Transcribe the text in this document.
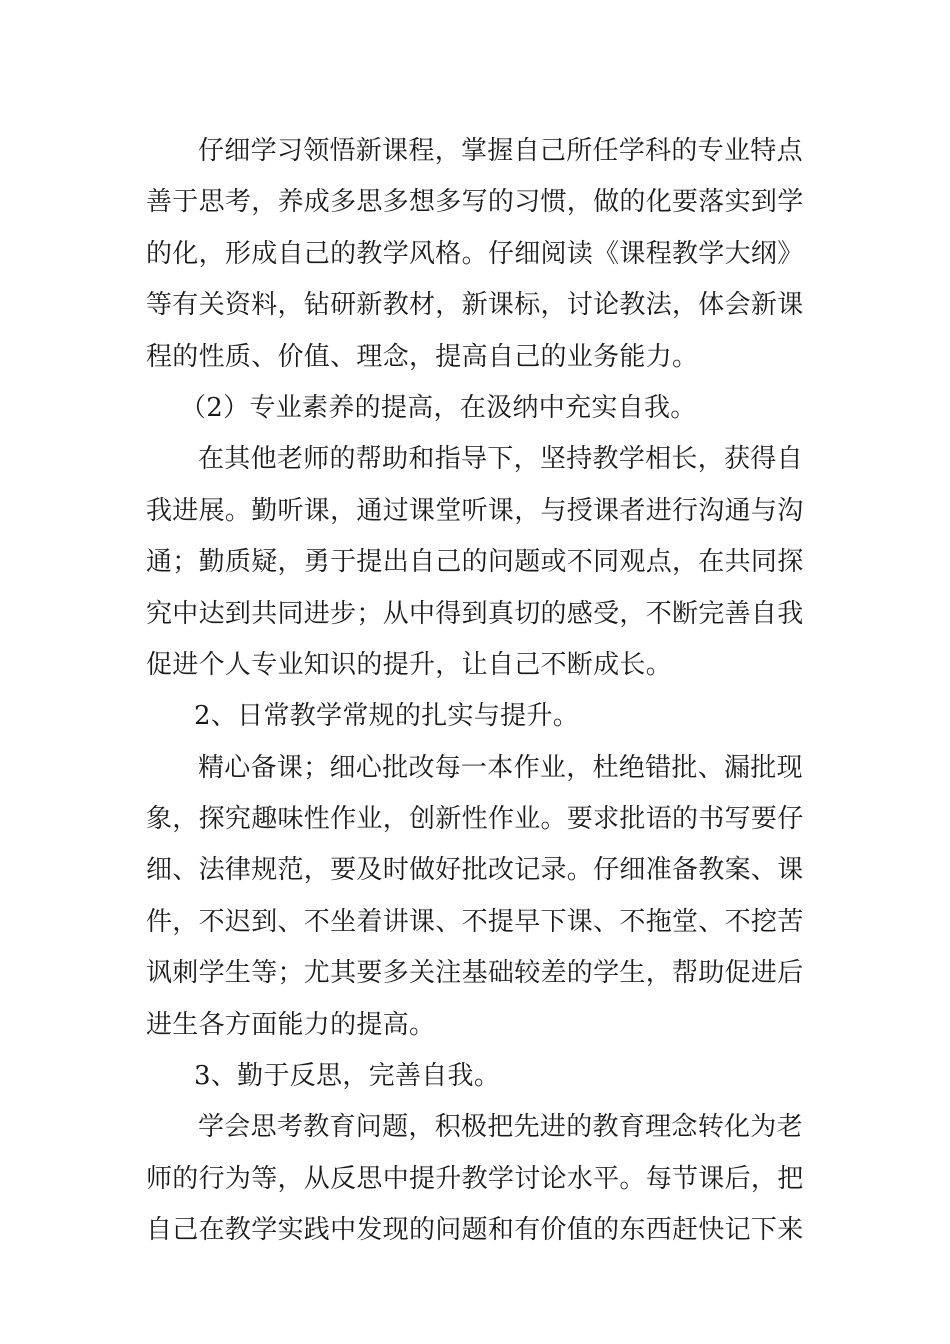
仔细学习领悟新课程，掌握自己所任学科的专业特点
善于思考，养成多思多想多写的习惯，做的化要落实到学
的化，形成自己的教学风格。仔细阅读《课程教学大纲》
等有关资料，钻研新教材，新课标，讨论教法，体会新课
程的性质、价值、理念，提高自己的业务能力。
（2）专业素养的提高，在汲纳中充实自我。
在其他老师的帮助和指导下，坚持教学相长，获得自
我进展。勤听课，通过课堂听课，与授课者进行沟通与沟
通；勤质疑，勇于提出自己的问题或不同观点，在共同探
究中达到共同进步；从中得到真切的感受，不断完善自我
促进个人专业知识的提升，让自己不断成长。
2、日常教学常规的扎实与提升。
精心备课；细心批改每一本作业，杜绝错批、漏批现
象，探究趣味性作业，创新性作业。要求批语的书写要仔
细、法律规范，要及时做好批改记录。仔细准备教案、课
件，不迟到、不坐着讲课、不提早下课、不拖堂、不挖苦
讽刺学生等；尤其要多关注基础较差的学生，帮助促进后
进生各方面能力的提高。
3、勤于反思，完善自我。
学会思考教育问题，积极把先进的教育理念转化为老
师的行为等，从反思中提升教学讨论水平。每节课后，把
自己在教学实践中发现的问题和有价值的东西赶快记下来
